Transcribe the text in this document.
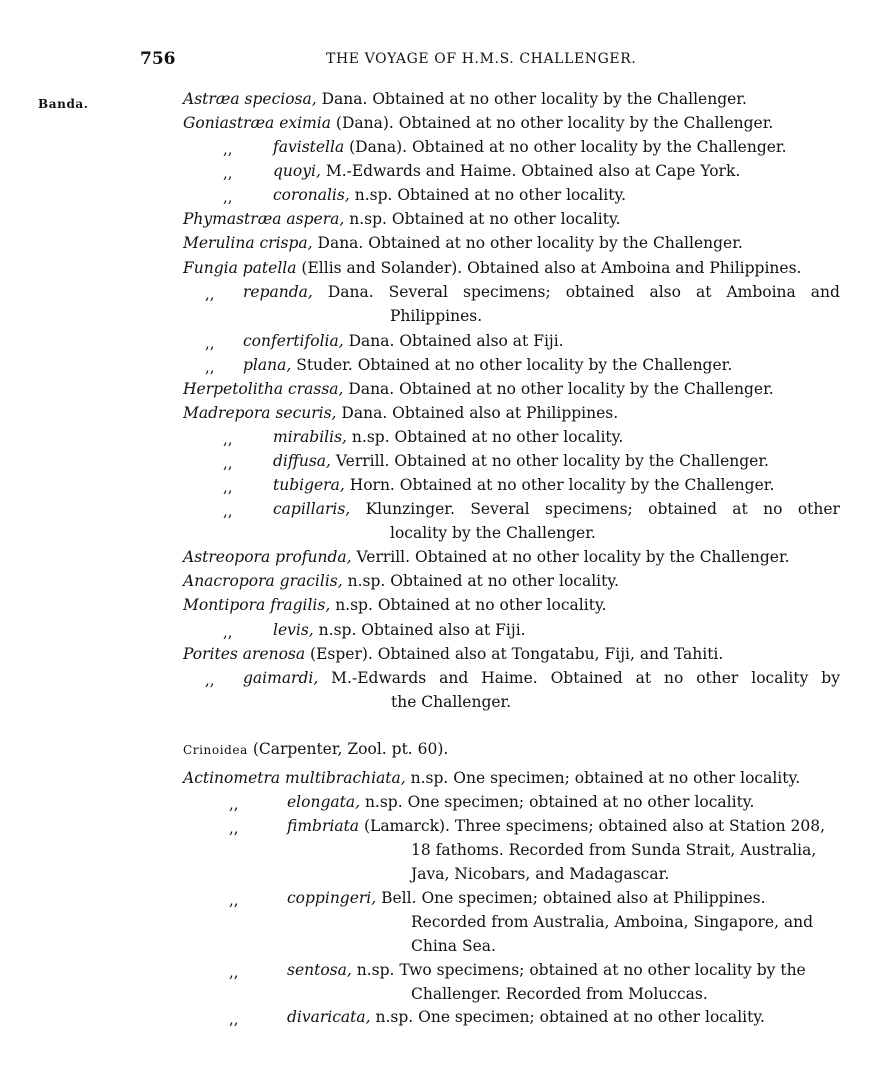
756	THE VOYAGE OF H.M.S. CHALLENGER.
Banda.	Astræa speciosa, Dana. Obtained at no other locality by the Challenger.
Goniastræa eximia (Dana). Obtained at no other locality by the Challenger.
,,	favistella (Dana). Obtained at no other locality by the Challenger.
,,	quoyi, M.-Edwards and Haime. Obtained also at Cape York.
,,	coronalis, n.sp. Obtained at no other locality.
Phymastræa aspera, n.sp. Obtained at no other locality.
Merulina crispa, Dana. Obtained at no other locality by the Challenger.
Fungia patella (Ellis and Solander). Obtained also at Amboina and Philippines.
,, repanda, Dana. Several specimens; obtained also at Amboina and
Philippines.
,, confertifolia, Dana. Obtained also at Fiji.
,, plana, Studer. Obtained at no other locality by the Challenger.
Herpetolitha crassa, Dana. Obtained at no other locality by the Challenger.
Madrepora securis, Dana. Obtained also at Philippines.
,,	mirabilis, n.sp. Obtained at no other locality.
,,	diffusa, Verrill. Obtained at no other locality by the Challenger.
,,	tubigera, Horn. Obtained at no other locality by the Challenger.
,,	capillaris, Klunzinger. Several specimens; obtained at no other
locality by the Challenger.
Astreopora profunda, Verrill. Obtained at no other locality by the Challenger.
Anacropora gracilis, n.sp. Obtained at no other locality.
Montipora fragilis, n.sp. Obtained at no other locality.
,,	levis, n.sp. Obtained also at Fiji.
Porites arenosa (Esper). Obtained also at Tongatabu, Fiji, and Tahiti.
,, gaimardi, M.-Edwards and Haime. Obtained at no other locality by
the Challenger.
Crinoidea (Carpenter, Zool. pt. 60).
Actinometra multibrachiata, n.sp. One specimen; obtained at no other locality.
,,	elongata, n.sp. One specimen; obtained at no other locality.
,,	fimbriata (Lamarck). Three specimens; obtained also at Station 208,
18 fathoms. Recorded from Sunda Strait, Australia,
Java, Nicobars, and Madagascar.
,,	coppingeri, Bell. One specimen; obtained also at Philippines.
Recorded from Australia, Amboina, Singapore, and
China Sea.
,,	sentosa, n.sp. Two specimens; obtained at no other locality by the
Challenger. Recorded from Moluccas.
,,	divaricata, n.sp. One specimen; obtained at no other locality.
